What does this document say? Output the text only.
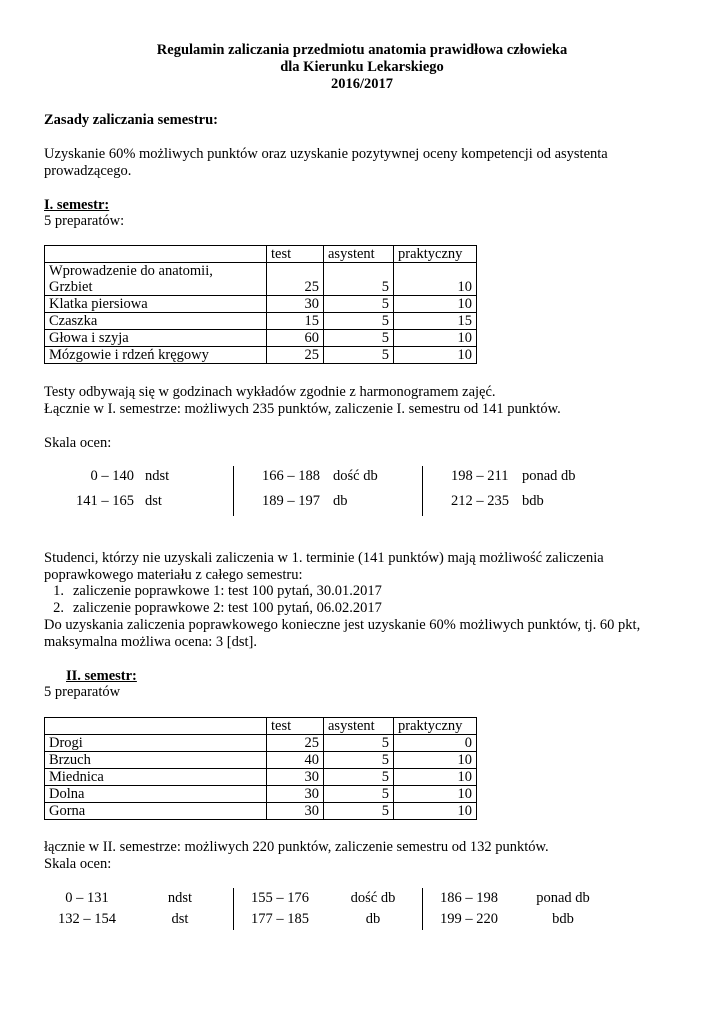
Regulamin zaliczania przedmiotu anatomia prawidłowa człowieka
dla Kierunku Lekarskiego
2016/2017
Zasady zaliczania semestru:
Uzyskanie 60% możliwych punktów oraz uzyskanie pozytywnej oceny kompetencji od asystenta
prowadzącego.
I. semestr:
5 preparatów:
	test	asystent	praktyczny
Wprowadzenie do anatomii,
Grzbiet	25	5	10
Klatka piersiowa	30	5	10
Czaszka	15	5	15
Głowa i szyja	60	5	10
Mózgowie i rdzeń kręgowy	25	5	10
Testy odbywają się w godzinach wykładów zgodnie z harmonogramem zajęć.
Łącznie w I. semestrze: możliwych 235 punktów, zaliczenie I. semestru od 141 punktów.
Skala ocen:
0 – 140 ndst
141 – 165 dst
166 – 188 dość db
189 – 197 db
198 – 211 ponad db
212 – 235 bdb
Studenci, którzy nie uzyskali zaliczenia w 1. terminie (141 punktów) mają możliwość zaliczenia
poprawkowego materiału z całego semestru:
1. zaliczenie poprawkowe 1: test 100 pytań, 30.01.2017
2. zaliczenie poprawkowe 2: test 100 pytań, 06.02.2017
Do uzyskania zaliczenia poprawkowego konieczne jest uzyskanie 60% możliwych punktów, tj. 60 pkt,
maksymalna możliwa ocena: 3 [dst].
II. semestr:
5 preparatów
	test	asystent	praktyczny
Drogi	25	5	0
Brzuch	40	5	10
Miednica	30	5	10
Dolna	30	5	10
Gorna	30	5	10
łącznie w II. semestrze: możliwych 220 punktów, zaliczenie semestru od 132 punktów.
Skala ocen:
0 – 131	ndst
132 – 154	dst
155 – 176	dość db
177 – 185	db
186 – 198	ponad db
199 – 220	bdb
